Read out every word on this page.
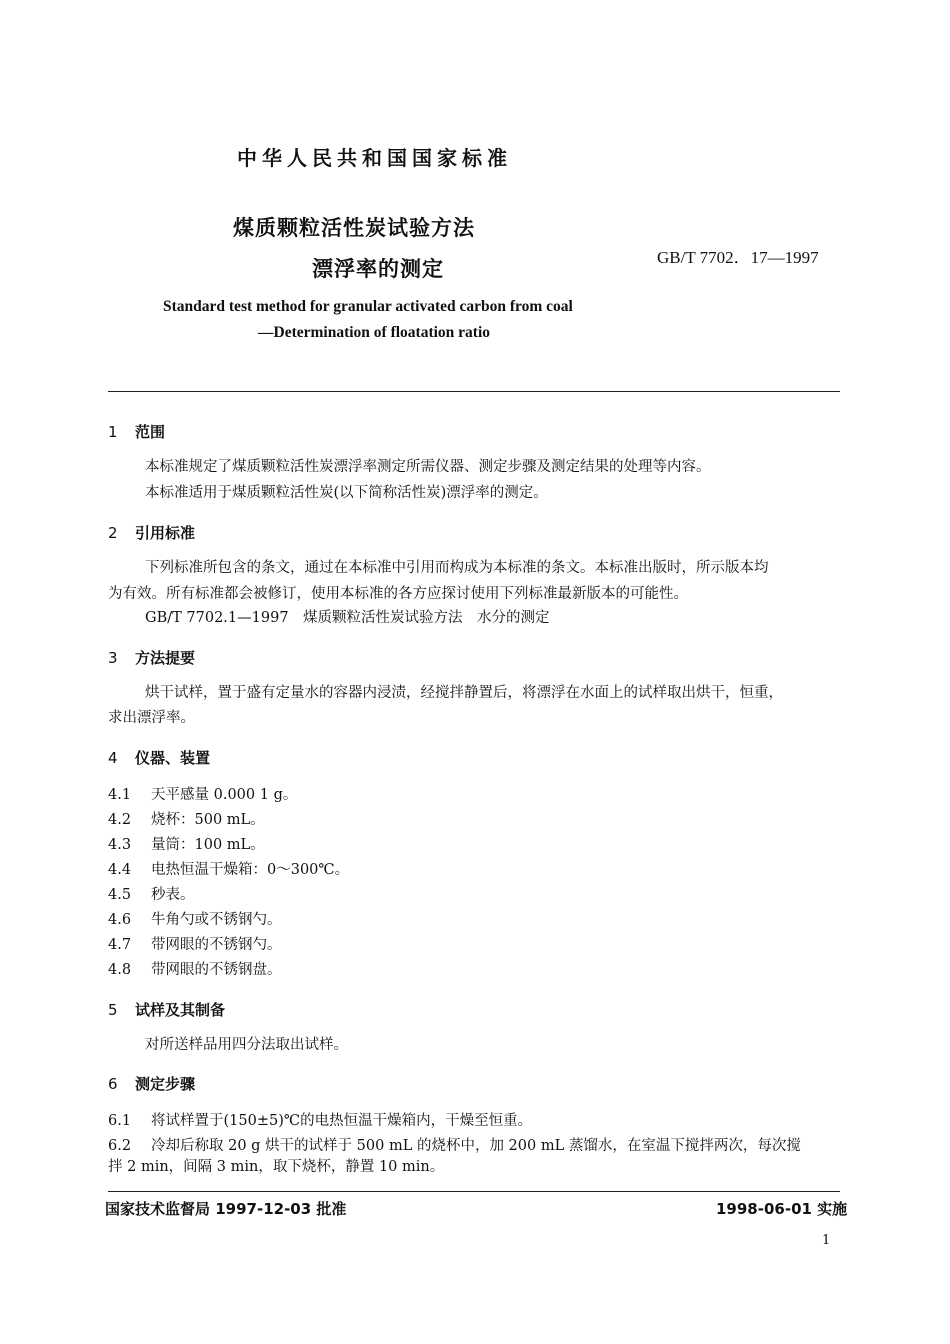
中华人民共和国国家标准
煤质颗粒活性炭试验方法
漂浮率的测定	GB/T 7702．17—1997
Standard test method for granular activated carbon from coal
—Determination of floatation ratio
1 范围
本标准规定了煤质颗粒活性炭漂浮率测定所需仪器、测定步骤及测定结果的处理等内容。
本标准适用于煤质颗粒活性炭(以下简称活性炭)漂浮率的测定。
2 引用标准
下列标准所包含的条文，通过在本标准中引用而构成为本标准的条文。本标准出版时，所示版本均
为有效。所有标准都会被修订，使用本标准的各方应探讨使用下列标准最新版本的可能性。
GB/T 7702.1—1997　煤质颗粒活性炭试验方法　水分的测定
3 方法提要
烘干试样，置于盛有定量水的容器内浸渍，经搅拌静置后，将漂浮在水面上的试样取出烘干，恒重，
求出漂浮率。
4 仪器、装置
4.1 天平感量 0.000 1 g。
4.2 烧杯：500 mL。
4.3 量筒：100 mL。
4.4 电热恒温干燥箱：0～300℃。
4.5 秒表。
4.6 牛角勺或不锈钢勺。
4.7 带网眼的不锈钢勺。
4.8 带网眼的不锈钢盘。
5 试样及其制备
对所送样品用四分法取出试样。
6 测定步骤
6.1 将试样置于(150±5)℃的电热恒温干燥箱内，干燥至恒重。
6.2 冷却后称取 20 g 烘干的试样于 500 mL 的烧杯中，加 200 mL 蒸馏水，在室温下搅拌两次，每次搅
拌 2 min，间隔 3 min，取下烧杯，静置 10 min。
国家技术监督局 1997-12-03 批准	1998-06-01 实施
1
